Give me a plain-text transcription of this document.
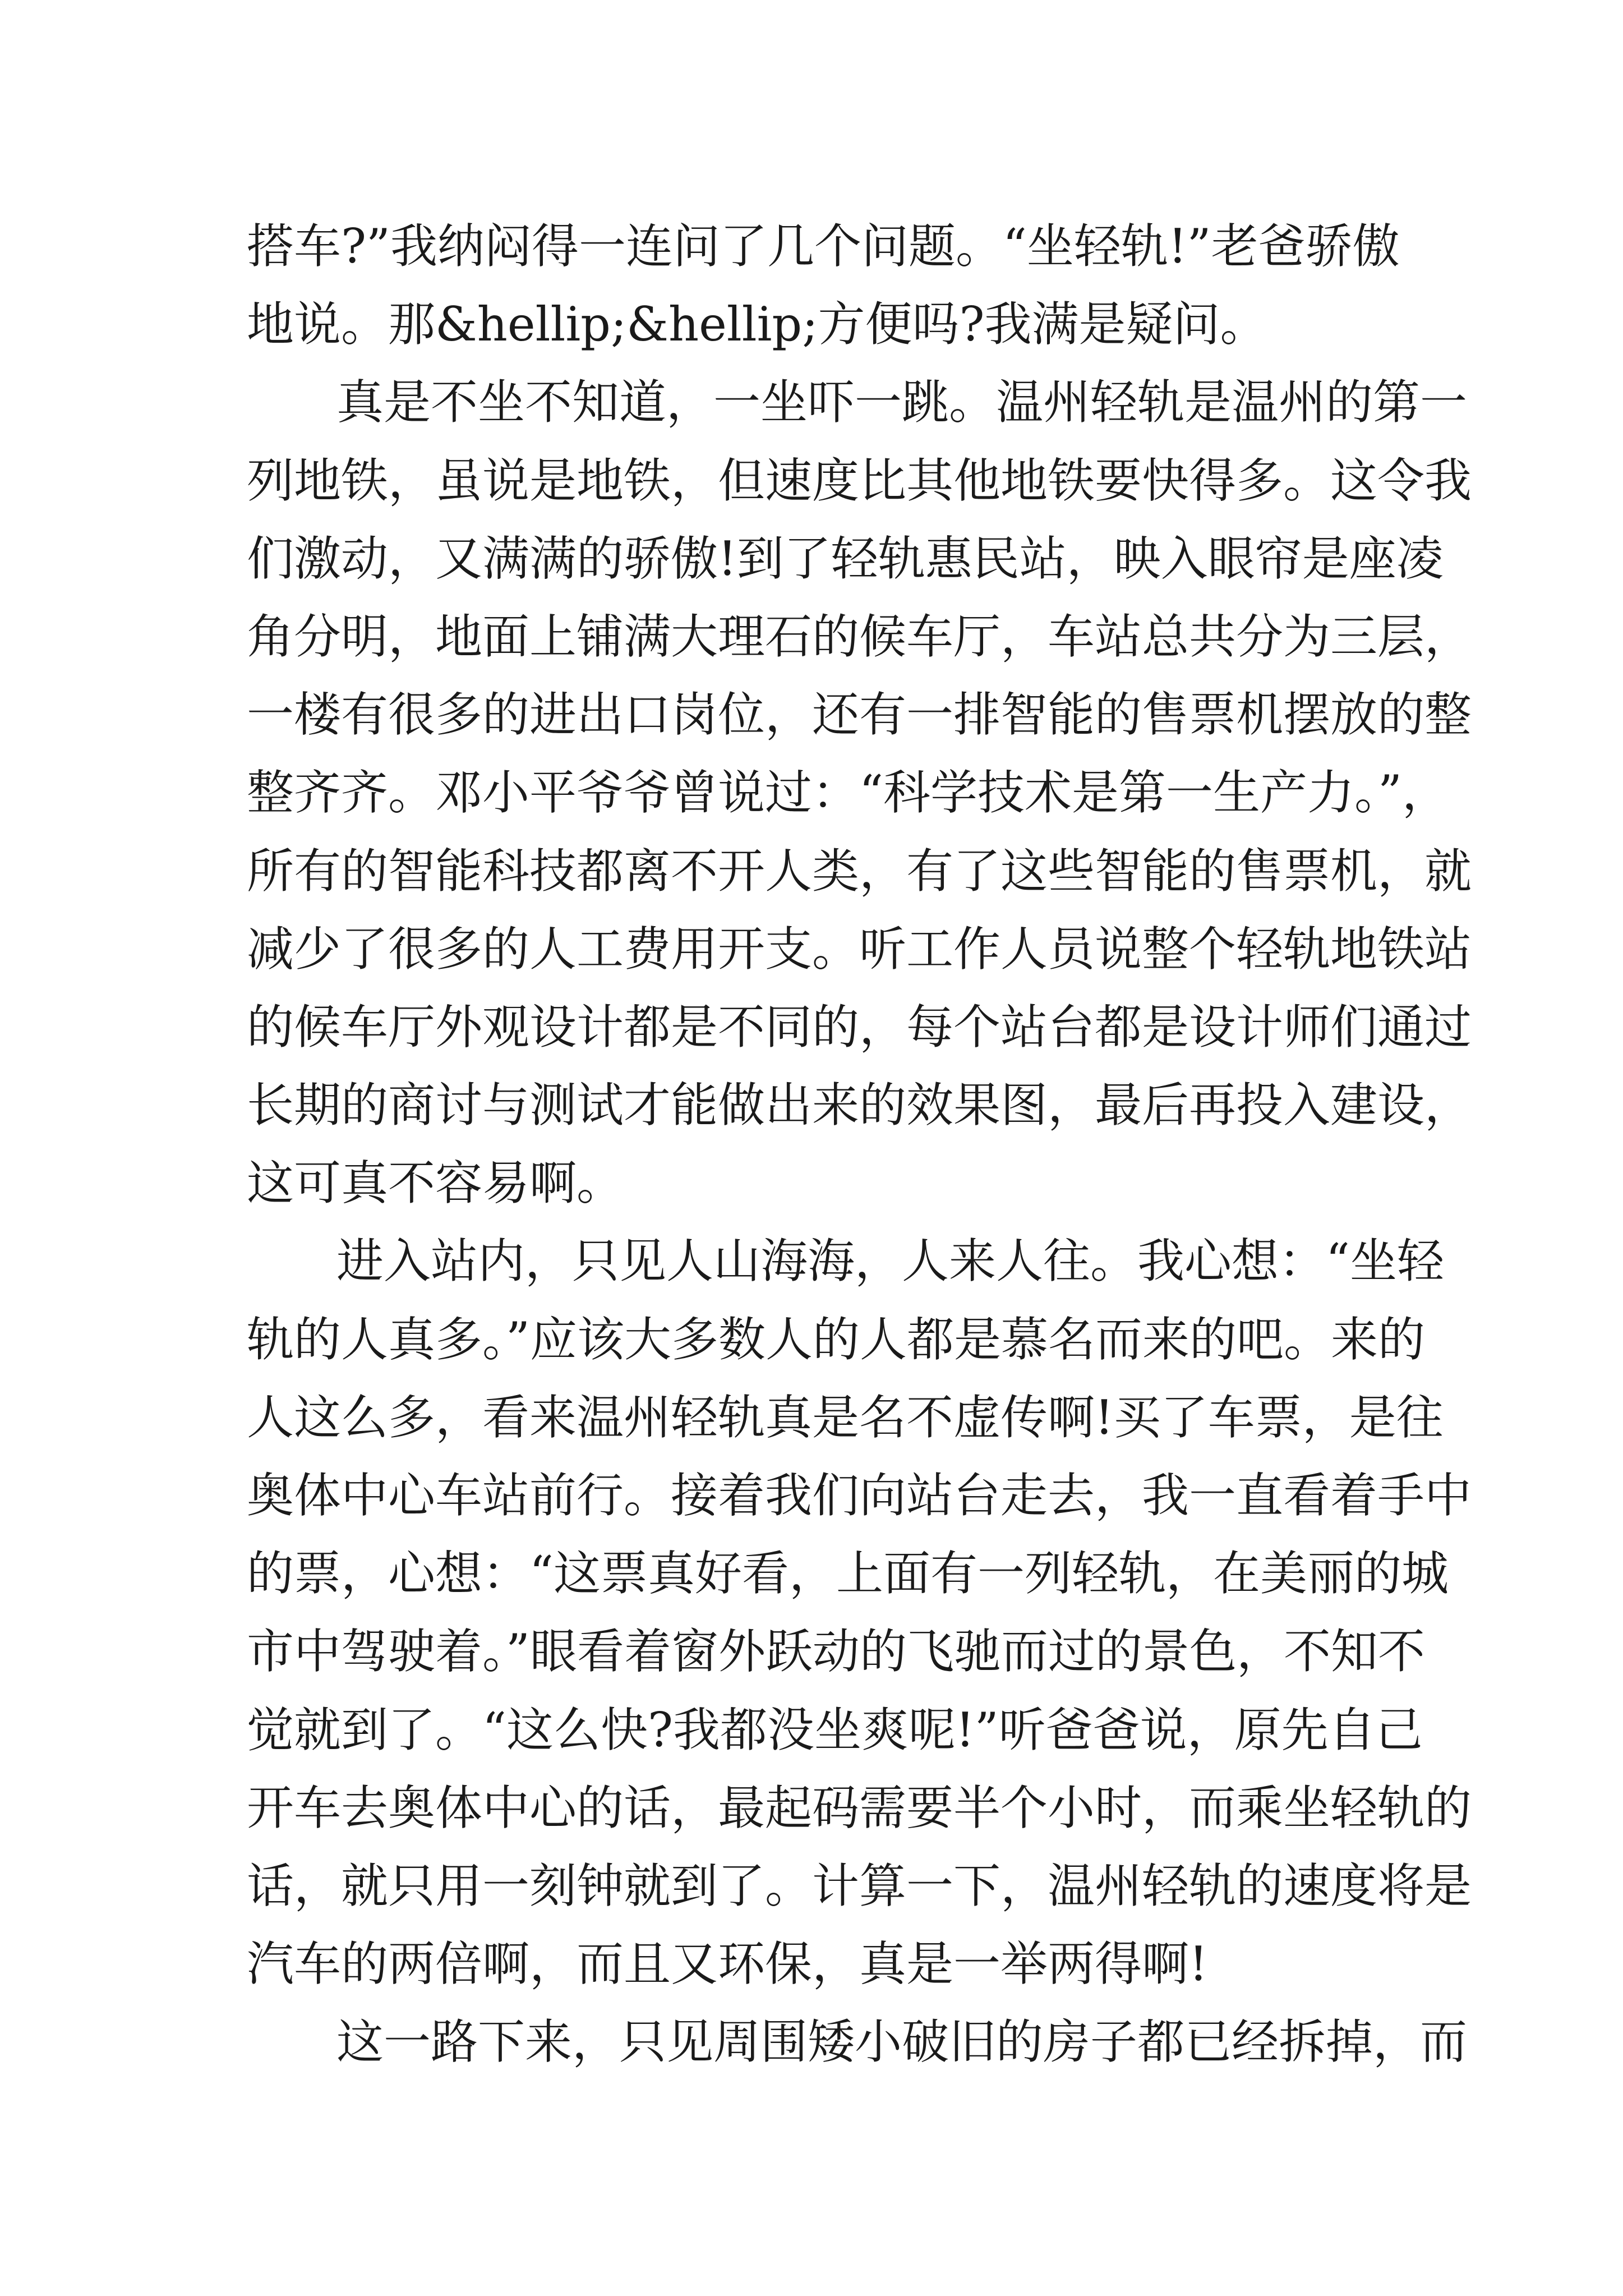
搭车?”我纳闷得一连问了几个问题。“坐轻轨!”老爸骄傲
地说。那&hellip;&hellip;方便吗?我满是疑问。
真是不坐不知道，一坐吓一跳。温州轻轨是温州的第一
列地铁，虽说是地铁，但速度比其他地铁要快得多。这令我
们激动，又满满的骄傲!到了轻轨惠民站，映入眼帘是座凌
角分明，地面上铺满大理石的候车厅，车站总共分为三层，
一楼有很多的进出口岗位，还有一排智能的售票机摆放的整
整齐齐。邓小平爷爷曾说过：“科学技术是第一生产力。”，
所有的智能科技都离不开人类，有了这些智能的售票机，就
减少了很多的人工费用开支。听工作人员说整个轻轨地铁站
的候车厅外观设计都是不同的，每个站台都是设计师们通过
长期的商讨与测试才能做出来的效果图，最后再投入建设，
这可真不容易啊。
进入站内，只见人山海海，人来人往。我心想：“坐轻
轨的人真多。”应该大多数人的人都是慕名而来的吧。来的
人这么多，看来温州轻轨真是名不虚传啊!买了车票，是往
奥体中心车站前行。接着我们向站台走去，我一直看着手中
的票，心想：“这票真好看，上面有一列轻轨，在美丽的城
市中驾驶着。”眼看着窗外跃动的飞驰而过的景色，不知不
觉就到了。“这么快?我都没坐爽呢!”听爸爸说，原先自己
开车去奥体中心的话，最起码需要半个小时，而乘坐轻轨的
话，就只用一刻钟就到了。计算一下，温州轻轨的速度将是
汽车的两倍啊，而且又环保，真是一举两得啊!
这一路下来，只见周围矮小破旧的房子都已经拆掉，而
